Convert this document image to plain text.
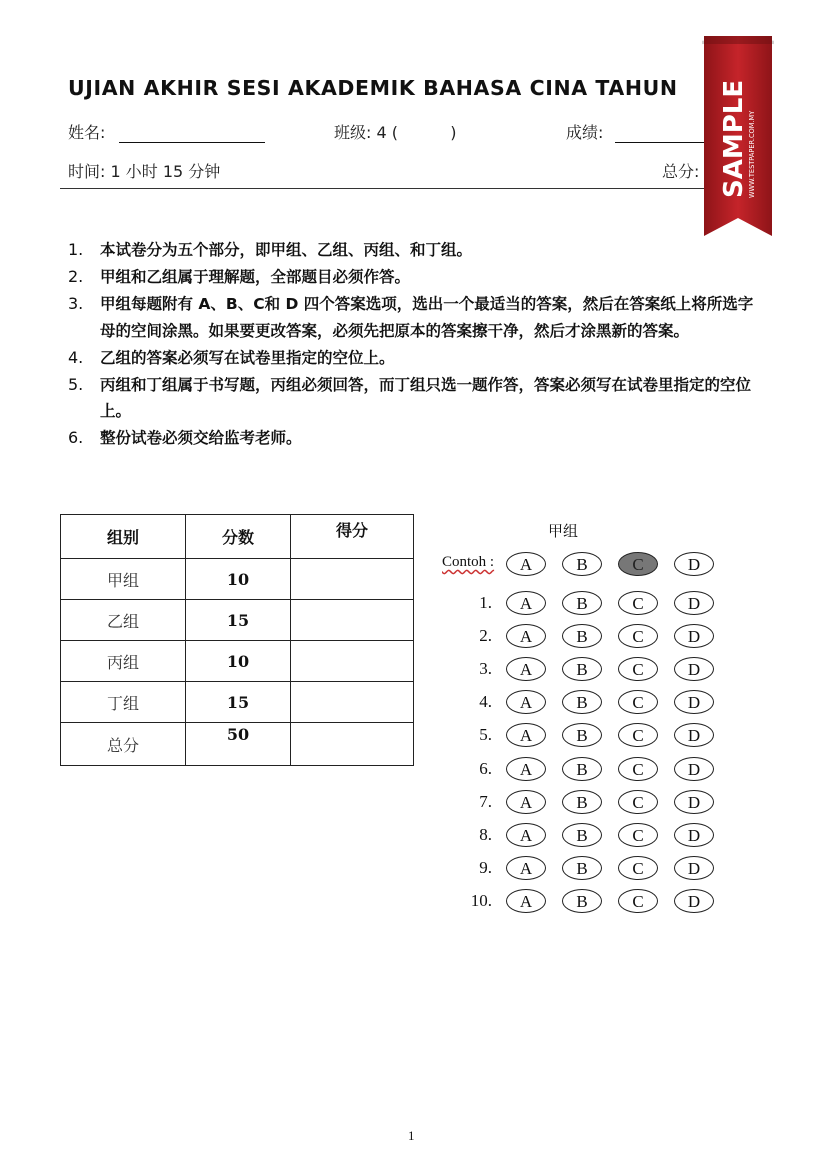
UJIAN AKHIR SESI AKADEMIK BAHASA CINA TAHUN
姓名:	班级: 4 (	)	成绩:
时间: 1 小时 15 分钟	总分:
1.	本试卷分为五个部分，即甲组、乙组、丙组、和丁组。
2.	甲组和乙组属于理解题，全部题目必须作答。
3.	甲组每题附有 A、B、C和 D 四个答案选项，选出一个最适当的答案，然后在答案纸上将所选字母的空间涂黑。如果要更改答案，必须先把原本的答案擦干净，然后才涂黑新的答案。
4.	乙组的答案必须写在试卷里指定的空位上。
5.	丙组和丁组属于书写题，丙组必须回答，而丁组只选一题作答，答案必须写在试卷里指定的空位上。
6.	整份试卷必须交给监考老师。
组别	分数	得分
甲组	10	
乙组	15	
丙组	10	
丁组	15	
总分	50	
甲组
Contoh :	A	B	C	D
1.	A	B	C	D
2.	A	B	C	D
3.	A	B	C	D
4.	A	B	C	D
5.	A	B	C	D
6.	A	B	C	D
7.	A	B	C	D
8.	A	B	C	D
9.	A	B	C	D
10.	A	B	C	D
SAMPLE WWW.TESTPAPER.COM.MY
1
